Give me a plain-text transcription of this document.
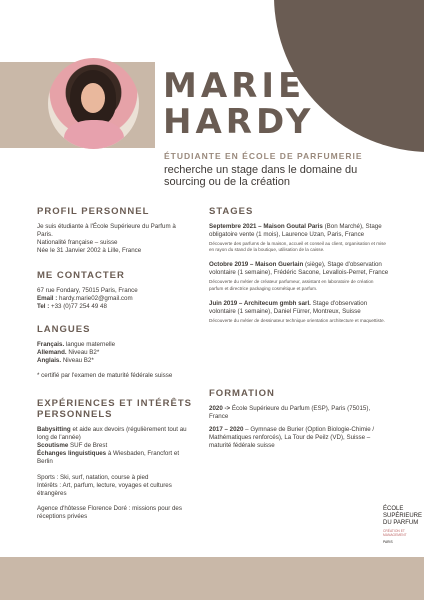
MARIE
HARDY
ÉTUDIANTE EN ÉCOLE DE PARFUMERIE
recherche un stage dans le domaine du sourcing ou de la création
PROFIL PERSONNEL

Je suis étudiante à l'École Supérieure du Parfum à Paris.

Nationalité française – suisse

Née le 31 Janvier 2002 à Lille, France

ME CONTACTER

67 rue Fondary, 75015 Paris, France

Email : hardy.marie02@gmail.com

Tel : +33 (0)77 254 49 48

LANGUES

Français. langue maternelle

Allemand. Niveau B2*

Anglais. Niveau B2*

* certifié par l'examen de maturité fédérale suisse

EXPÉRIENCES ET INTÉRÊTS PERSONNELS

Babysitting et aide aux devoirs (régulièrement tout au long de l'année)

Scoutisme SUF de Brest

Échanges linguistiques à Wiesbaden, Francfort et Berlin

Sports : Ski, surf, natation, course à pied

Intérêts : Art, parfum, lecture, voyages et cultures étrangères

Agence d'hôtesse Florence Doré : missions pour des réceptions privées

STAGES

Septembre 2021 – Maison Goutal Paris (Bon Marché), Stage obligatoire vente (1 mois), Laurence Uzan, Paris, France

Découverte des parfums de la maison, accueil et conseil au client, organisation et mise en rayon du stand de la boutique, utilisation de la caisse.

Octobre 2019 – Maison Guerlain (siège), Stage d'observation volontaire (1 semaine), Frédéric Sacone, Levallois-Perret, France

Découverte du métier de créateur parfumeur, assistant en laboratoire de création parfum et directrice packaging cosmétique et parfum.

Juin 2019 – Architecum gmbh sarl. Stage d'observation volontaire (1 semaine), Daniel Fürrer, Montreux, Suisse

Découverte du métier de dessinateur technique orientation architecture et maquettiste.

FORMATION

2020 -> École Supérieure du Parfum (ESP), Paris (75015), France

2017 – 2020 – Gymnase de Burier (Option Biologie-Chimie / Mathématiques renforcés), La Tour de Peilz (VD), Suisse – maturité fédérale suisse

ÉCOLE
SUPÉRIEURE
DU PARFUM
CRÉATION ET MANAGEMENT
PARIS
